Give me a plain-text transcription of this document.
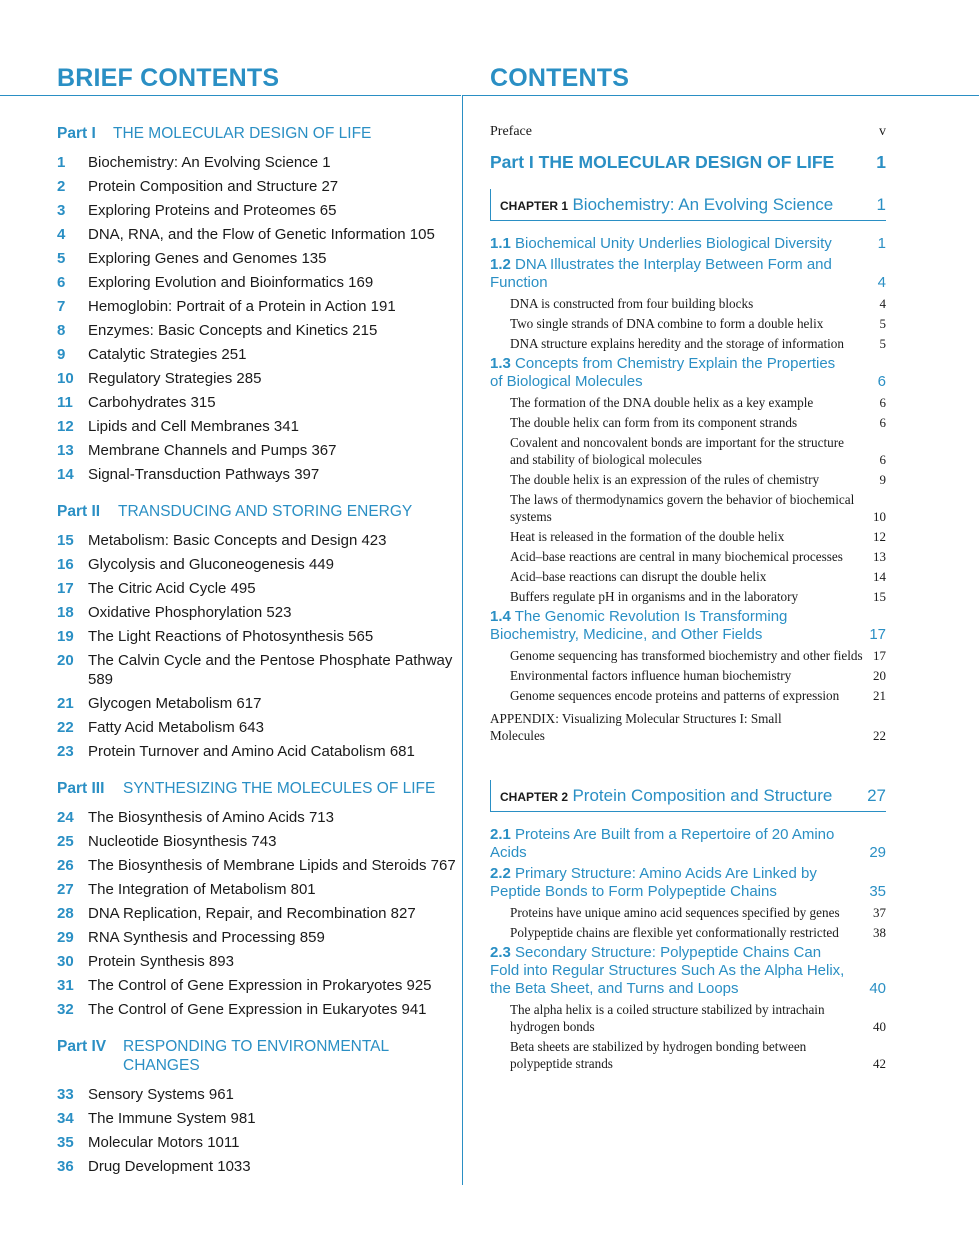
BRIEF CONTENTS	CONTENTS
Part I	THE MOLECULAR DESIGN OF LIFE
1	Biochemistry: An Evolving Science 1
2	Protein Composition and Structure 27
3	Exploring Proteins and Proteomes 65
4	DNA, RNA, and the Flow of Genetic Information 105
5	Exploring Genes and Genomes 135
6	Exploring Evolution and Bioinformatics 169
7	Hemoglobin: Portrait of a Protein in Action 191
8	Enzymes: Basic Concepts and Kinetics 215
9	Catalytic Strategies 251
10 Regulatory Strategies 285
11	Carbohydrates 315
12 Lipids and Cell Membranes 341
13 Membrane Channels and Pumps 367
14 Signal-Transduction Pathways 397
Part II	TRANSDUCING AND STORING ENERGY
15 Metabolism: Basic Concepts and Design 423
16 Glycolysis and Gluconeogenesis 449
17 The Citric Acid Cycle 495
18 Oxidative Phosphorylation 523
19 The Light Reactions of Photosynthesis 565
20 The Calvin Cycle and the Pentose Phosphate Pathway 589
21 Glycogen Metabolism 617
22 Fatty Acid Metabolism 643
23 Protein Turnover and Amino Acid Catabolism 681
Part III	SYNTHESIZING THE MOLECULES OF LIFE
24 The Biosynthesis of Amino Acids 713
25 Nucleotide Biosynthesis 743
26 The Biosynthesis of Membrane Lipids and Steroids 767
27 The Integration of Metabolism 801
28 DNA Replication, Repair, and Recombination 827
29 RNA Synthesis and Processing 859
30 Protein Synthesis 893
31 The Control of Gene Expression in Prokaryotes 925
32 The Control of Gene Expression in Eukaryotes 941
Part IV	RESPONDING TO ENVIRONMENTAL CHANGES
33 Sensory Systems 961
34 The Immune System 981
35 Molecular Motors 1011
36 Drug Development 1033
Preface	v
Part I THE MOLECULAR DESIGN OF LIFE 1
CHAPTER 1 Biochemistry: An Evolving Science	1
1.1 Biochemical Unity Underlies Biological Diversity	1
1.2 DNA Illustrates the Interplay Between Form and Function	4
DNA is constructed from four building blocks	4
Two single strands of DNA combine to form a double helix	5
DNA structure explains heredity and the storage of information	5
1.3 Concepts from Chemistry Explain the Properties of Biological Molecules	6
The formation of the DNA double helix as a key example	6
The double helix can form from its component strands	6
Covalent and noncovalent bonds are important for the structure and stability of biological molecules	6
The double helix is an expression of the rules of chemistry	9
The laws of thermodynamics govern the behavior of biochemical systems	10
Heat is released in the formation of the double helix	12
Acid–base reactions are central in many biochemical processes 13
Acid–base reactions can disrupt the double helix	14
Buffers regulate pH in organisms and in the laboratory	15
1.4 The Genomic Revolution Is Transforming Biochemistry, Medicine, and Other Fields	17
Genome sequencing has transformed biochemistry and other fields 17
Environmental factors influence human biochemistry	20
Genome sequences encode proteins and patterns of expression	21
APPENDIX: Visualizing Molecular Structures I: Small Molecules	22
CHAPTER 2 Protein Composition and Structure 27
2.1 Proteins Are Built from a Repertoire of 20 Amino Acids	29
2.2 Primary Structure: Amino Acids Are Linked by Peptide Bonds to Form Polypeptide Chains	35
Proteins have unique amino acid sequences specified by genes	37
Polypeptide chains are flexible yet conformationally restricted	38
2.3 Secondary Structure: Polypeptide Chains Can Fold into Regular Structures Such As the Alpha Helix, the Beta Sheet, and Turns and Loops	40
The alpha helix is a coiled structure stabilized by intrachain hydrogen bonds	40
Beta sheets are stabilized by hydrogen bonding between polypeptide strands	42
